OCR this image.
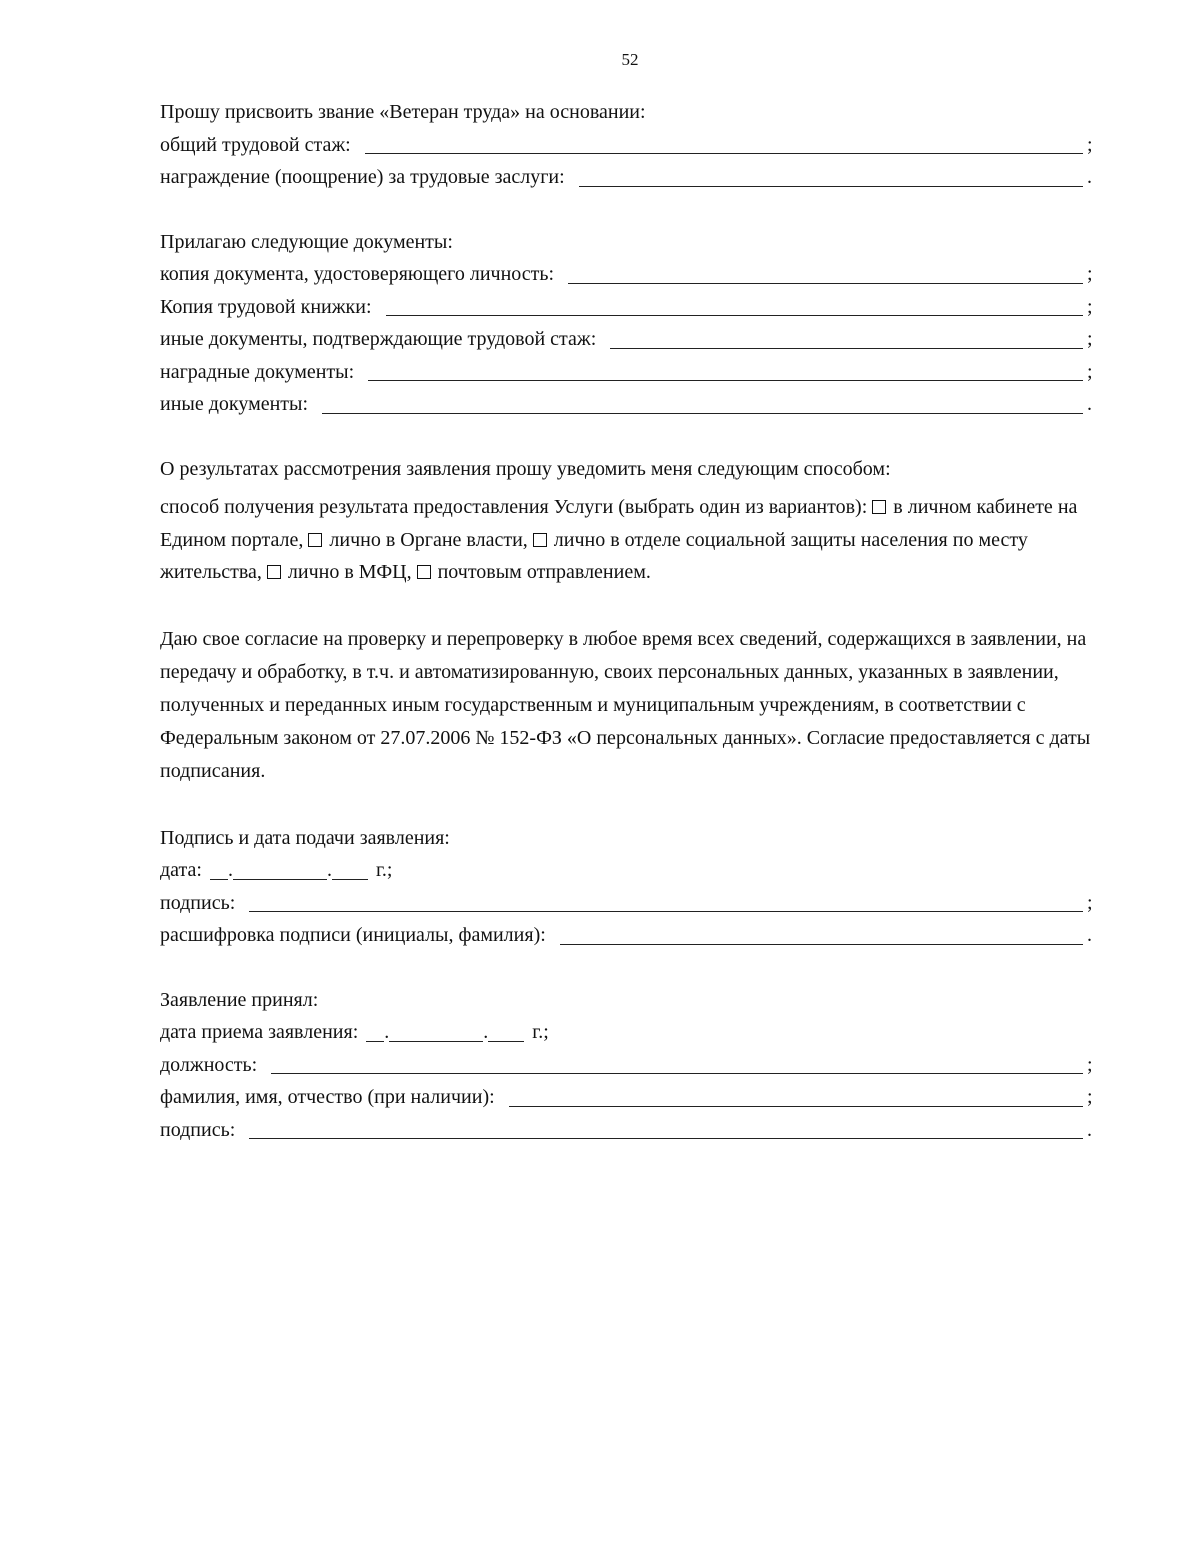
52
Прошу присвоить звание «Ветеран труда» на основании:
общий трудовой стаж:	;
награждение (поощрение) за трудовые заслуги:	.
Прилагаю следующие документы:
копия документа, удостоверяющего личность:	;
Копия трудовой книжки:	;
иные документы, подтверждающие трудовой стаж:	;
наградные документы:	;
иные документы:	.
О результатах рассмотрения заявления прошу уведомить меня следующим способом:

способ получения результата предоставления Услуги (выбрать один из вариантов): в личном кабинете на Едином портале, лично в Органе власти, лично в отделе социальной защиты населения по месту жительства, лично в МФЦ, почтовым отправлением.

Даю свое согласие на проверку и перепроверку в любое время всех сведений, содержащихся в заявлении, на передачу и обработку, в т.ч. и автоматизированную, своих персональных данных, указанных в заявлении, полученных и переданных иным государственным и муниципальным учреждениям, в соответствии с Федеральным законом от 27.07.2006 № 152-ФЗ «О персональных данных». Согласие предоставляется с даты подписания.

Подпись и дата подачи заявления:
дата:	.	.	г.;
подпись:	;
расшифровка подписи (инициалы, фамилия):	.
Заявление принял:
дата приема заявления:	.	.	г.;
должность:	;
фамилия, имя, отчество (при наличии):	;
подпись:	.
